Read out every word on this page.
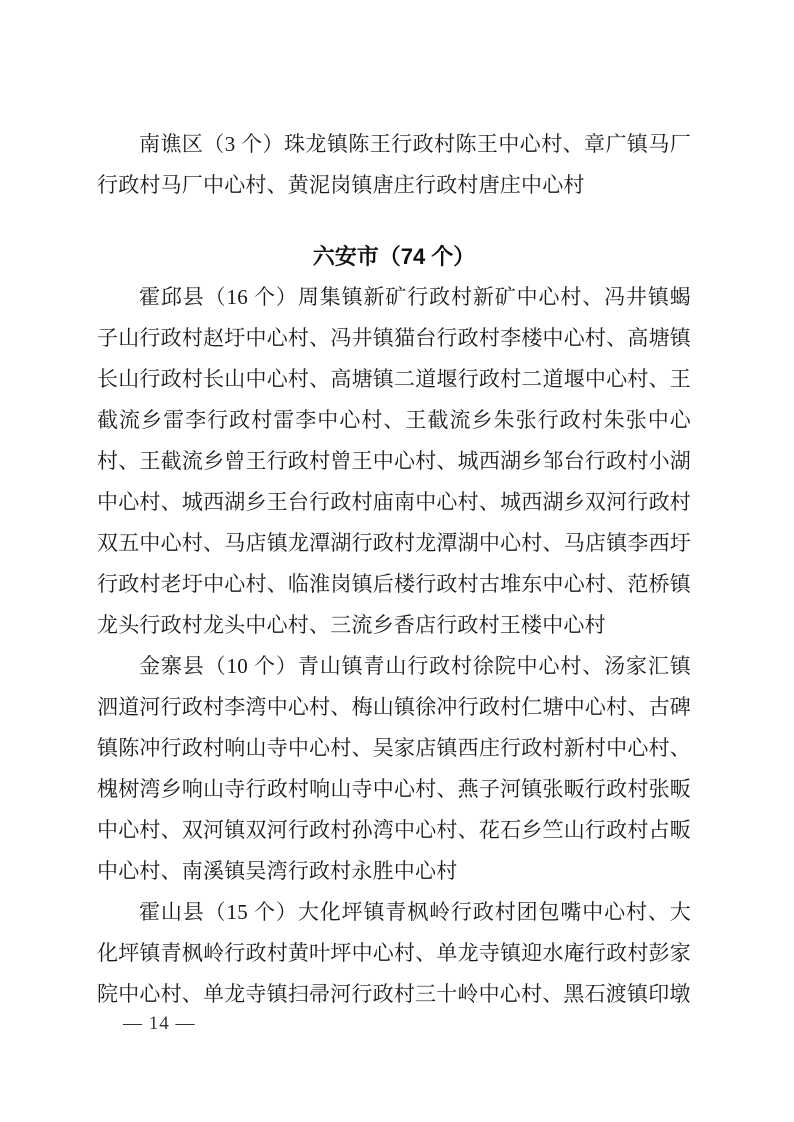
南谯区（3 个）珠龙镇陈王行政村陈王中心村、章广镇马厂行政村马厂中心村、黄泥岗镇唐庄行政村唐庄中心村

六安市（74 个）

霍邱县（16 个）周集镇新矿行政村新矿中心村、冯井镇蝎子山行政村赵圩中心村、冯井镇猫台行政村李楼中心村、高塘镇长山行政村长山中心村、高塘镇二道堰行政村二道堰中心村、王截流乡雷李行政村雷李中心村、王截流乡朱张行政村朱张中心村、王截流乡曾王行政村曾王中心村、城西湖乡邹台行政村小湖中心村、城西湖乡王台行政村庙南中心村、城西湖乡双河行政村双五中心村、马店镇龙潭湖行政村龙潭湖中心村、马店镇李西圩行政村老圩中心村、临淮岗镇后楼行政村古堆东中心村、范桥镇龙头行政村龙头中心村、三流乡香店行政村王楼中心村

金寨县（10 个）青山镇青山行政村徐院中心村、汤家汇镇泗道河行政村李湾中心村、梅山镇徐冲行政村仁塘中心村、古碑镇陈冲行政村响山寺中心村、吴家店镇西庄行政村新村中心村、槐树湾乡响山寺行政村响山寺中心村、燕子河镇张畈行政村张畈中心村、双河镇双河行政村孙湾中心村、花石乡竺山行政村占畈中心村、南溪镇吴湾行政村永胜中心村

霍山县（15 个）大化坪镇青枫岭行政村团包嘴中心村、大化坪镇青枫岭行政村黄叶坪中心村、单龙寺镇迎水庵行政村彭家院中心村、单龙寺镇扫帚河行政村三十岭中心村、黑石渡镇印墩

— 14 —
